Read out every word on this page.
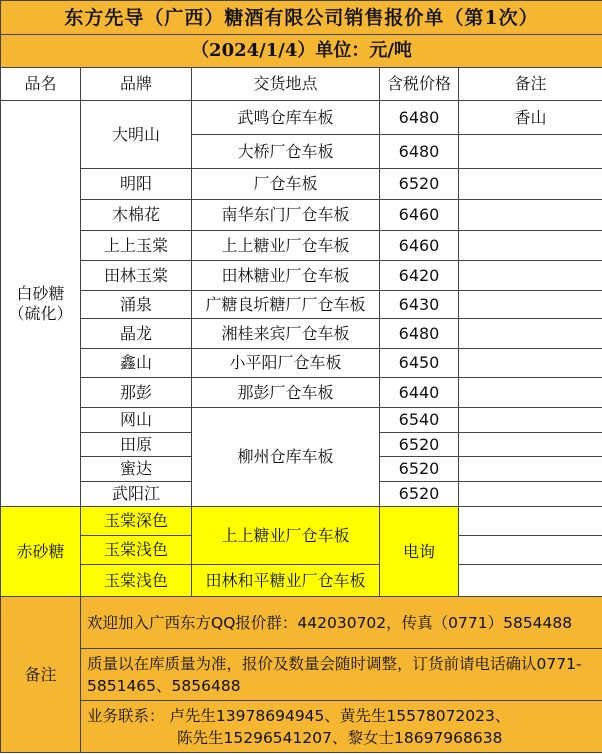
东方先导（广西）糖酒有限公司销售报价单（第1次）				
（2024/1/4）单位：元/吨				
品名	品牌	交货地点	含税价格	备注

白砂糖
（硫化）	大明山	武鸣仓库车板	6480	香山
		大桥厂仓车板	6480	
	明阳	厂仓车板	6520	
	木棉花	南华东门厂仓车板	6460	
	上上玉棠	上上糖业厂仓车板	6460	
	田林玉棠	田林糖业厂仓车板	6420	
	涌泉	广糖良圻糖厂厂仓车板	6430	
	晶龙	湘桂来宾厂仓车板	6480	
	鑫山	小平阳厂仓车板	6450	
	那彭	那彭厂仓车板	6440	
	网山	柳州仓库车板	6540	
	田原		6520	
	蜜达		6520	
	武阳江		6520	
赤砂糖	玉棠深色	上上糖业厂仓车板	电询	
	玉棠浅色			
	玉棠浅色	田林和平糖业厂仓车板		
备注	欢迎加入广西东方QQ报价群：442030702，传真（0771）5854488			
	质量以在库质量为准，报价及数量会随时调整，订货前请电话确认0771-5851465、5856488			

	业务联系： 卢先生13978694945、黄先生15578072023、
陈先生15296541207、黎女士18697968638			
